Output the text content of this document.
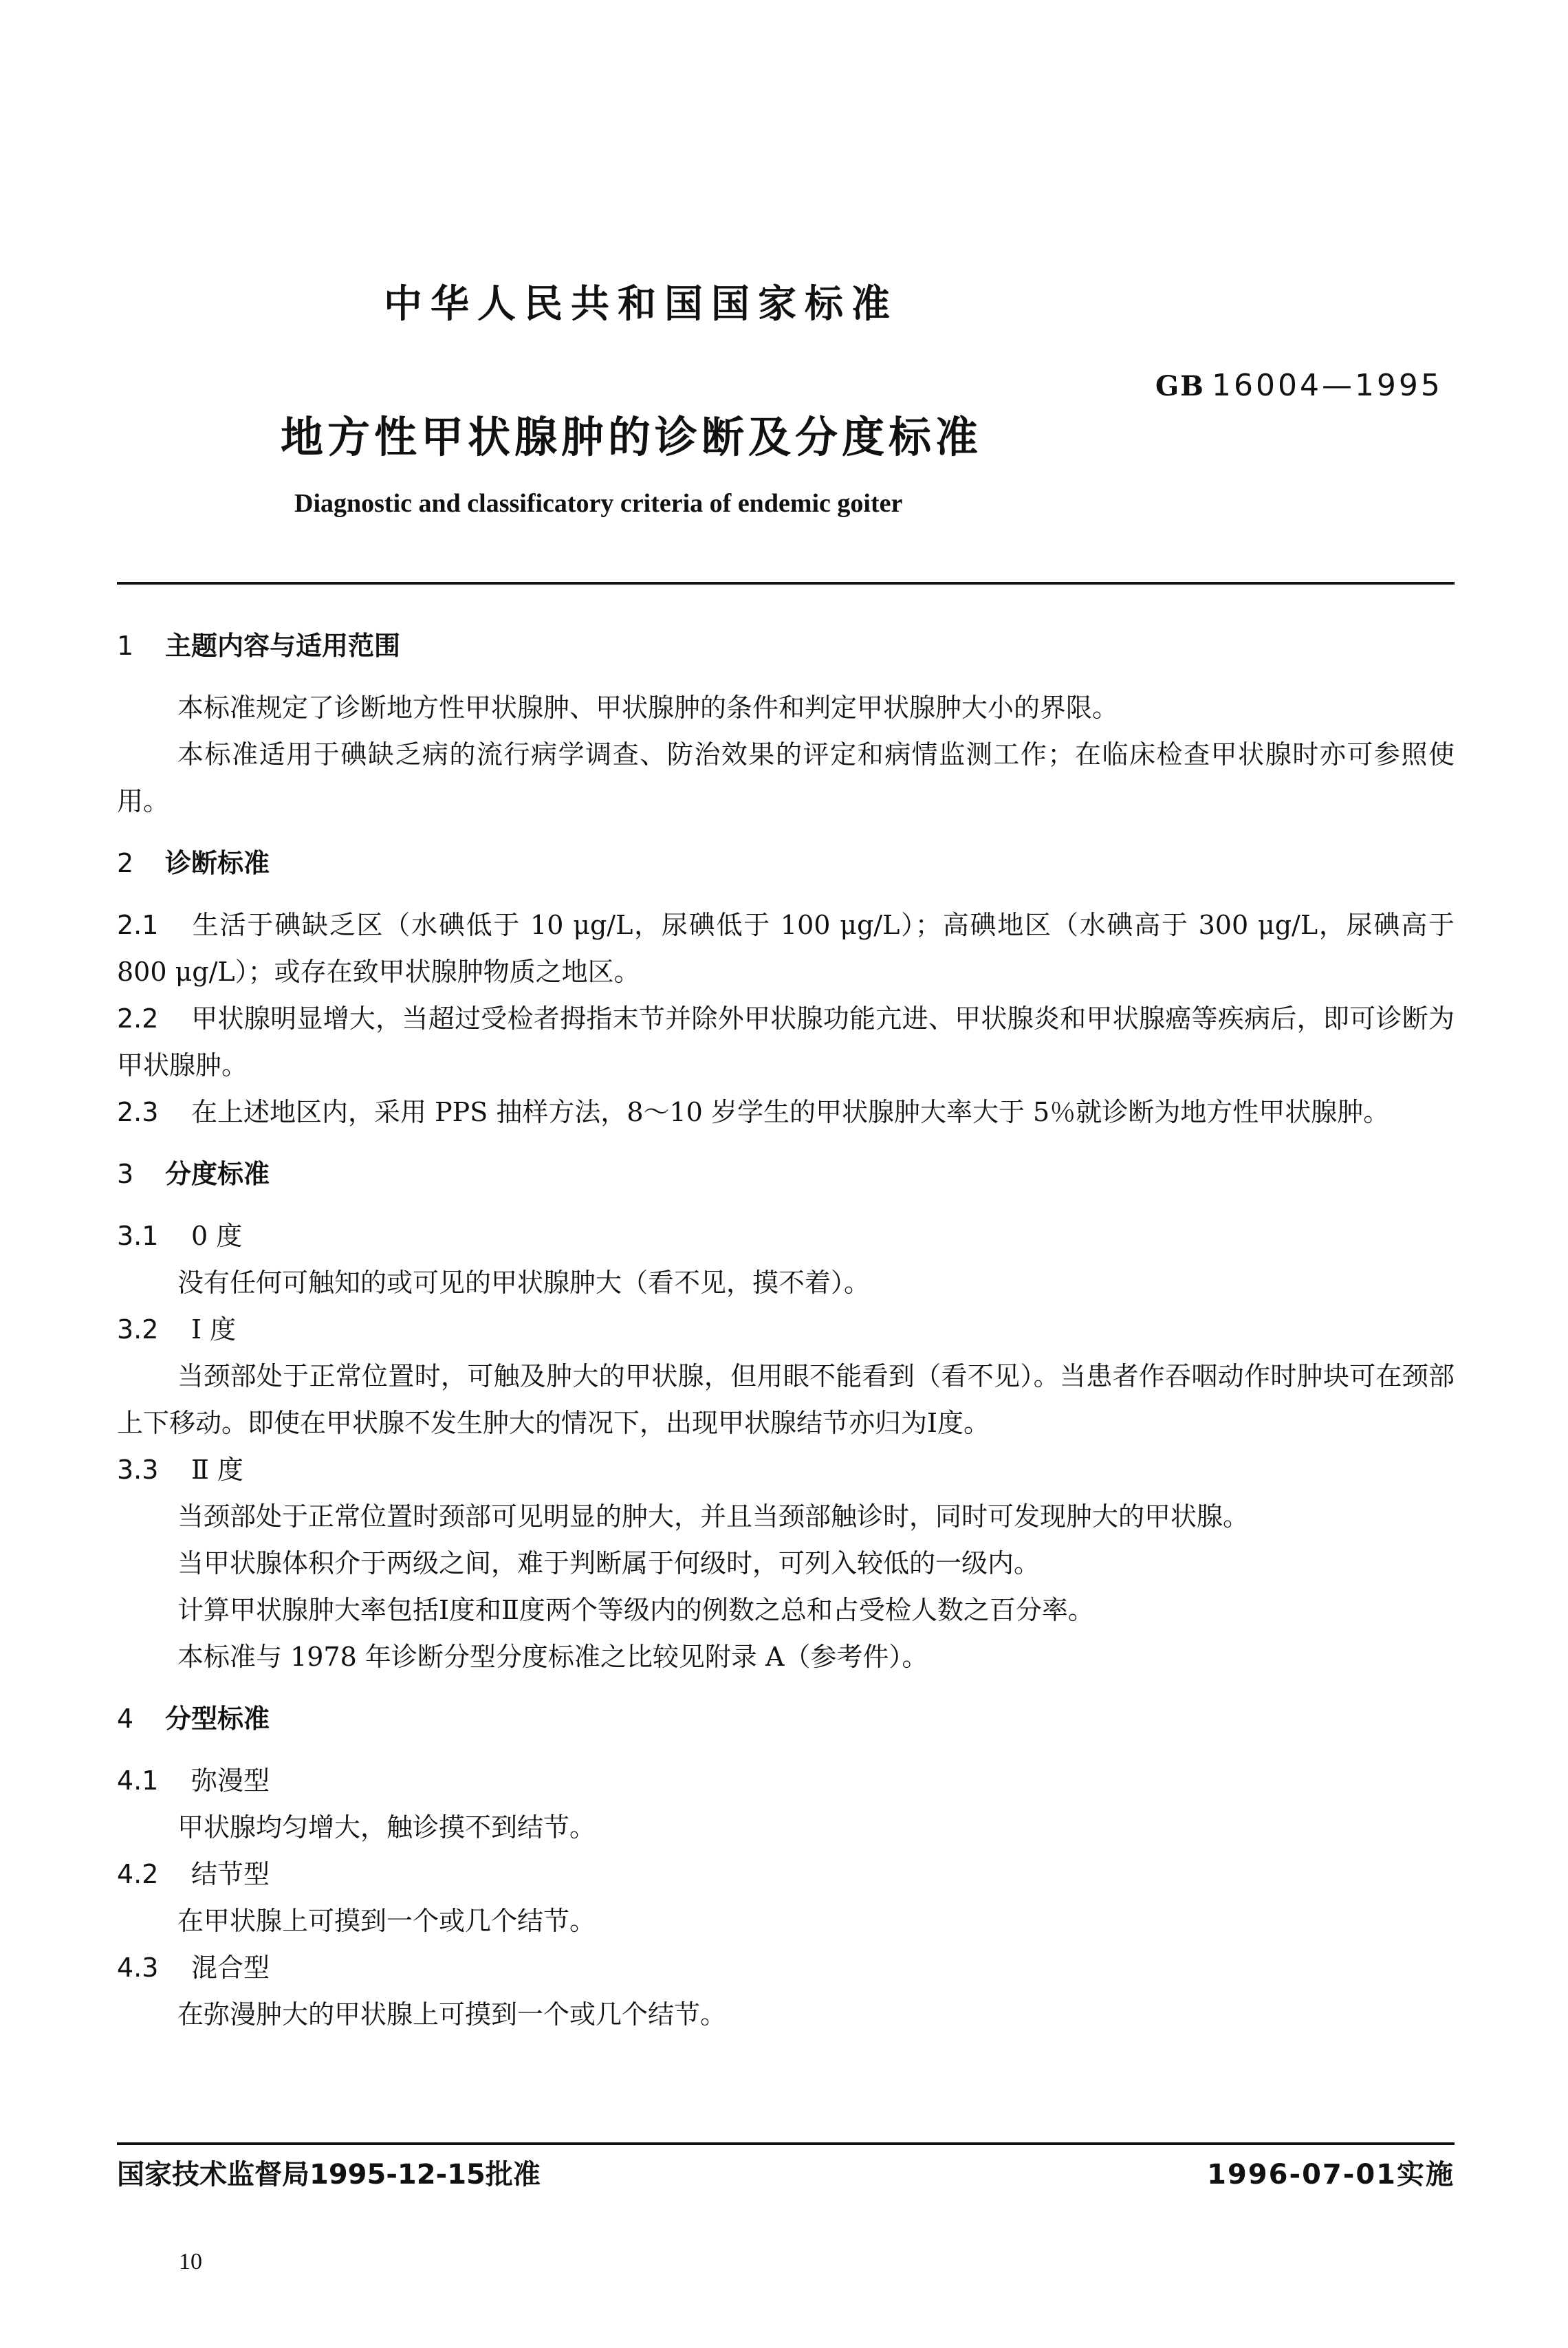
中华人民共和国国家标准
GB 16004—1995
地方性甲状腺肿的诊断及分度标准
Diagnostic and classificatory criteria of endemic goiter
1 主题内容与适用范围
本标准规定了诊断地方性甲状腺肿、甲状腺肿的条件和判定甲状腺肿大小的界限。
本标准适用于碘缺乏病的流行病学调查、防治效果的评定和病情监测工作；在临床检查甲状腺时亦可参照使用。
2 诊断标准
2.1 生活于碘缺乏区（水碘低于 10 μg/L，尿碘低于 100 μg/L）；高碘地区（水碘高于 300 μg/L，尿碘高于 800 μg/L）；或存在致甲状腺肿物质之地区。
2.2 甲状腺明显增大，当超过受检者拇指末节并除外甲状腺功能亢进、甲状腺炎和甲状腺癌等疾病后，即可诊断为甲状腺肿。
2.3 在上述地区内，采用 PPS 抽样方法，8～10 岁学生的甲状腺肿大率大于 5％就诊断为地方性甲状腺肿。
3 分度标准
3.1 0 度
没有任何可触知的或可见的甲状腺肿大（看不见，摸不着）。
3.2 Ⅰ 度
当颈部处于正常位置时，可触及肿大的甲状腺，但用眼不能看到（看不见）。当患者作吞咽动作时肿块可在颈部上下移动。即使在甲状腺不发生肿大的情况下，出现甲状腺结节亦归为Ⅰ度。
3.3 Ⅱ 度
当颈部处于正常位置时颈部可见明显的肿大，并且当颈部触诊时，同时可发现肿大的甲状腺。
当甲状腺体积介于两级之间，难于判断属于何级时，可列入较低的一级内。
计算甲状腺肿大率包括Ⅰ度和Ⅱ度两个等级内的例数之总和占受检人数之百分率。
本标准与 1978 年诊断分型分度标准之比较见附录 A（参考件）。
4 分型标准
4.1 弥漫型
甲状腺均匀增大，触诊摸不到结节。
4.2 结节型
在甲状腺上可摸到一个或几个结节。
4.3 混合型
在弥漫肿大的甲状腺上可摸到一个或几个结节。
国家技术监督局1995-12-15批准	1996-07-01实施
10
